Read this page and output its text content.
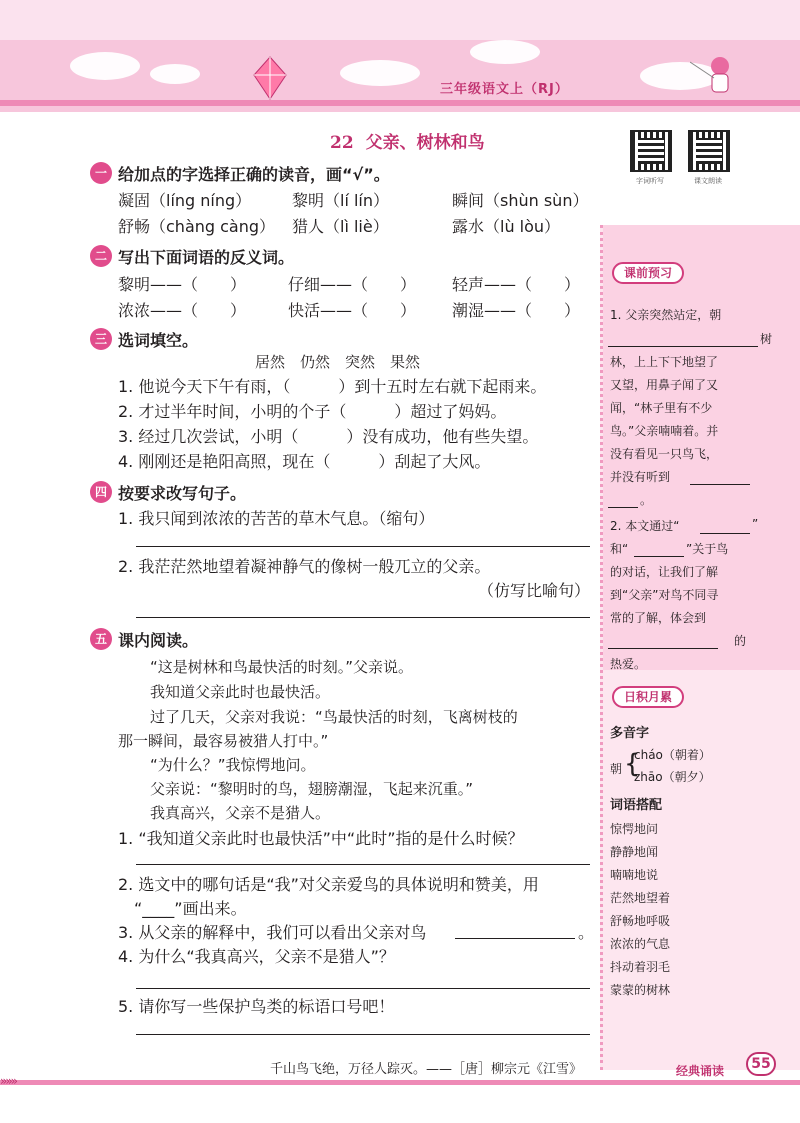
三年级语文上（RJ）
22 父亲、树林和鸟
字词听写	课文朗读
一 给加点的字选择正确的读音，画“√”。
凝固（líng níng）	黎明（lí lín）	瞬间（shùn sùn）
舒畅（chàng càng） 猎人（lì liè）	露水（lù lòu）
二 写出下面词语的反义词。
黎明——（　　）	仔细——（　　） 轻声——（　　）
浓浓——（　　）	快活——（　　） 潮湿——（　　）
三 选词填空。
居然　仍然　突然　果然
1. 他说今天下午有雨，（　　　）到十五时左右就下起雨来。
2. 才过半年时间，小明的个子（　　　）超过了妈妈。
3. 经过几次尝试，小明（　　　）没有成功，他有些失望。
4. 刚刚还是艳阳高照，现在（　　　）刮起了大风。
四 按要求改写句子。
1. 我只闻到浓浓的苦苦的草木气息。（缩句）
2. 我茫茫然地望着凝神静气的像树一般兀立的父亲。
（仿写比喻句）
五 课内阅读。
“这是树林和鸟最快活的时刻。”父亲说。
我知道父亲此时也最快活。
过了几天，父亲对我说：“鸟最快活的时刻，飞离树枝的
那一瞬间，最容易被猎人打中。”
“为什么？”我惊愕地问。
父亲说：“黎明时的鸟，翅膀潮湿，飞起来沉重。”
我真高兴，父亲不是猎人。
1. “我知道父亲此时也最快活”中“此时”指的是什么时候？
2. 选文中的哪句话是“我”对父亲爱鸟的具体说明和赞美，用
“____”画出来。
3. 从父亲的解释中，我们可以看出父亲对鸟	。
4. 为什么“我真高兴，父亲不是猎人”？
5. 请你写一些保护鸟类的标语口号吧！
课前预习
1. 父亲突然站定，朝
树
林，上上下下地望了
又望，用鼻子闻了又
闻，“林子里有不少
鸟。”父亲喃喃着。并
没有看见一只鸟飞，
并没有听到
。
2. 本文通过“	”
和“	”关于鸟
的对话，让我们了解
到“父亲”对鸟不同寻
常的了解，体会到
的
热爱。
日积月累
多音字
朝 {
cháo（朝着）
zhāo（朝夕）
词语搭配
惊愕地问
静静地闻
喃喃地说
茫然地望着
舒畅地呼吸
浓浓的气息
抖动着羽毛
蒙蒙的树林
千山鸟飞绝，万径人踪灭。——［唐］柳宗元《江雪》
»»»
经典诵读	55
